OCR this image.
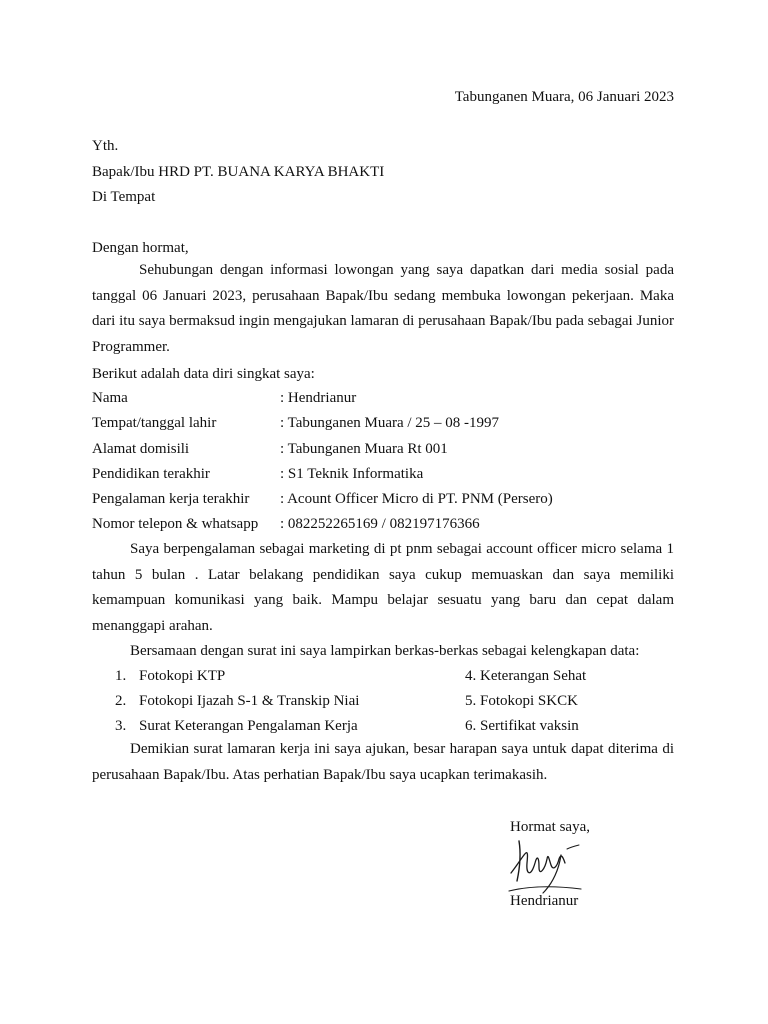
Tabunganen Muara, 06 Januari 2023
Yth.
Bapak/Ibu HRD PT. BUANA KARYA BHAKTI
Di Tempat
Dengan hormat,
Sehubungan dengan informasi lowongan yang saya dapatkan dari media sosial pada tanggal 06 Januari 2023, perusahaan Bapak/Ibu sedang membuka lowongan pekerjaan. Maka dari itu saya bermaksud ingin mengajukan lamaran di perusahaan Bapak/Ibu pada sebagai Junior Programmer.
Berikut adalah data diri singkat saya:
Nama	: Hendrianur
Tempat/tanggal lahir	: Tabunganen Muara / 25 – 08 -1997
Alamat domisili	: Tabunganen Muara Rt 001
Pendidikan terakhir	: S1 Teknik Informatika
Pengalaman kerja terakhir : Acount Officer Micro di PT. PNM (Persero)
Nomor telepon & whatsapp : 082252265169 / 082197176366
Saya berpengalaman sebagai marketing di pt pnm sebagai account officer micro selama 1 tahun 5 bulan . Latar belakang pendidikan saya cukup memuaskan dan saya memiliki kemampuan komunikasi yang baik. Mampu belajar sesuatu yang baru dan cepat dalam menanggapi arahan.
Bersamaan dengan surat ini saya lampirkan berkas-berkas sebagai kelengkapan data:
1. Fotokopi KTP	4. Keterangan Sehat
2. Fotokopi Ijazah S-1 & Transkip Niai	5. Fotokopi SKCK
3. Surat Keterangan Pengalaman Kerja	6. Sertifikat vaksin
Demikian surat lamaran kerja ini saya ajukan, besar harapan saya untuk dapat diterima di perusahaan Bapak/Ibu. Atas perhatian Bapak/Ibu saya ucapkan terimakasih.
Hormat saya,
Hendrianur
